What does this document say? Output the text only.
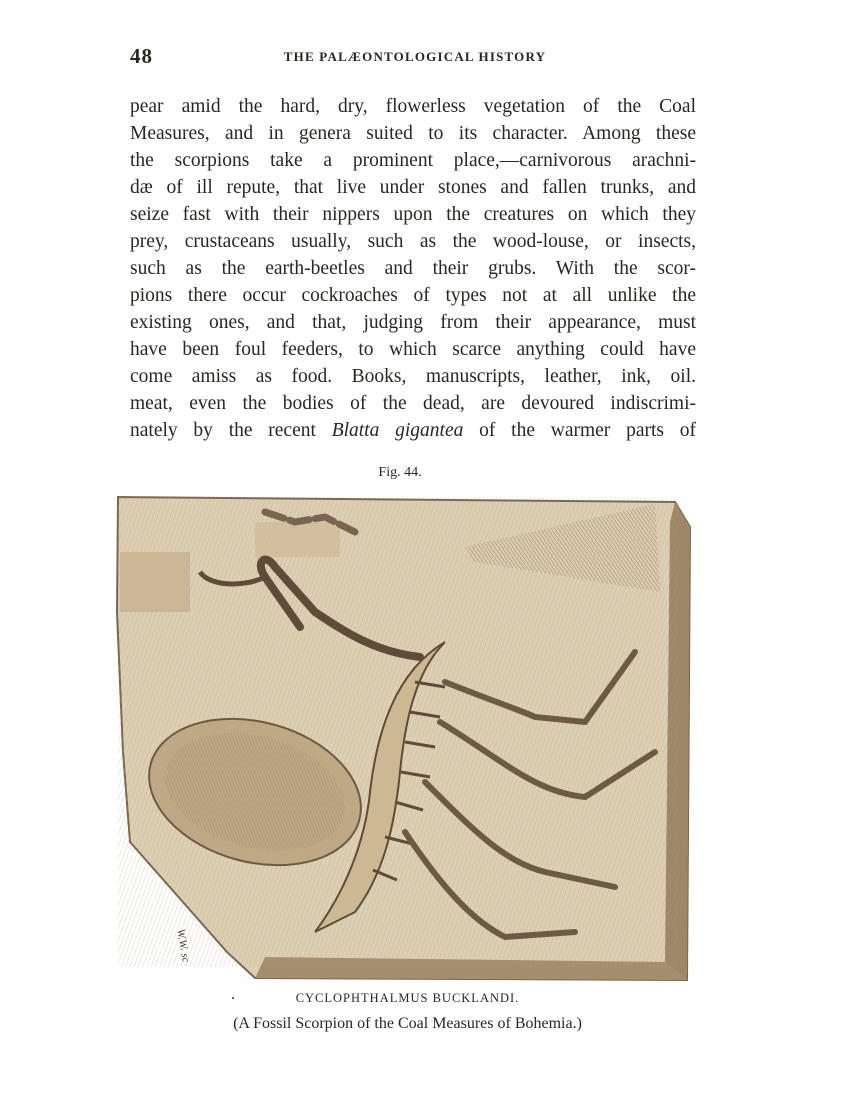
48	THE PALÆONTOLOGICAL HISTORY
pear amid the hard, dry, flowerless vegetation of the Coal
Measures, and in genera suited to its character. Among these
the scorpions take a prominent place,—carnivorous arachni-
dæ of ill repute, that live under stones and fallen trunks, and
seize fast with their nippers upon the creatures on which they
prey, crustaceans usually, such as the wood-louse, or insects,
such as the earth-beetles and their grubs. With the scor-
pions there occur cockroaches of types not at all unlike the
existing ones, and that, judging from their appearance, must
have been foul feeders, to which scarce anything could have
come amiss as food. Books, manuscripts, leather, ink, oil.
meat, even the bodies of the dead, are devoured indiscrimi-
nately by the recent Blatta gigantea of the warmer parts of
Fig. 44.
W.W. sc
CYCLOPHTHALMUS BUCKLANDI.
(A Fossil Scorpion of the Coal Measures of Bohemia.)
